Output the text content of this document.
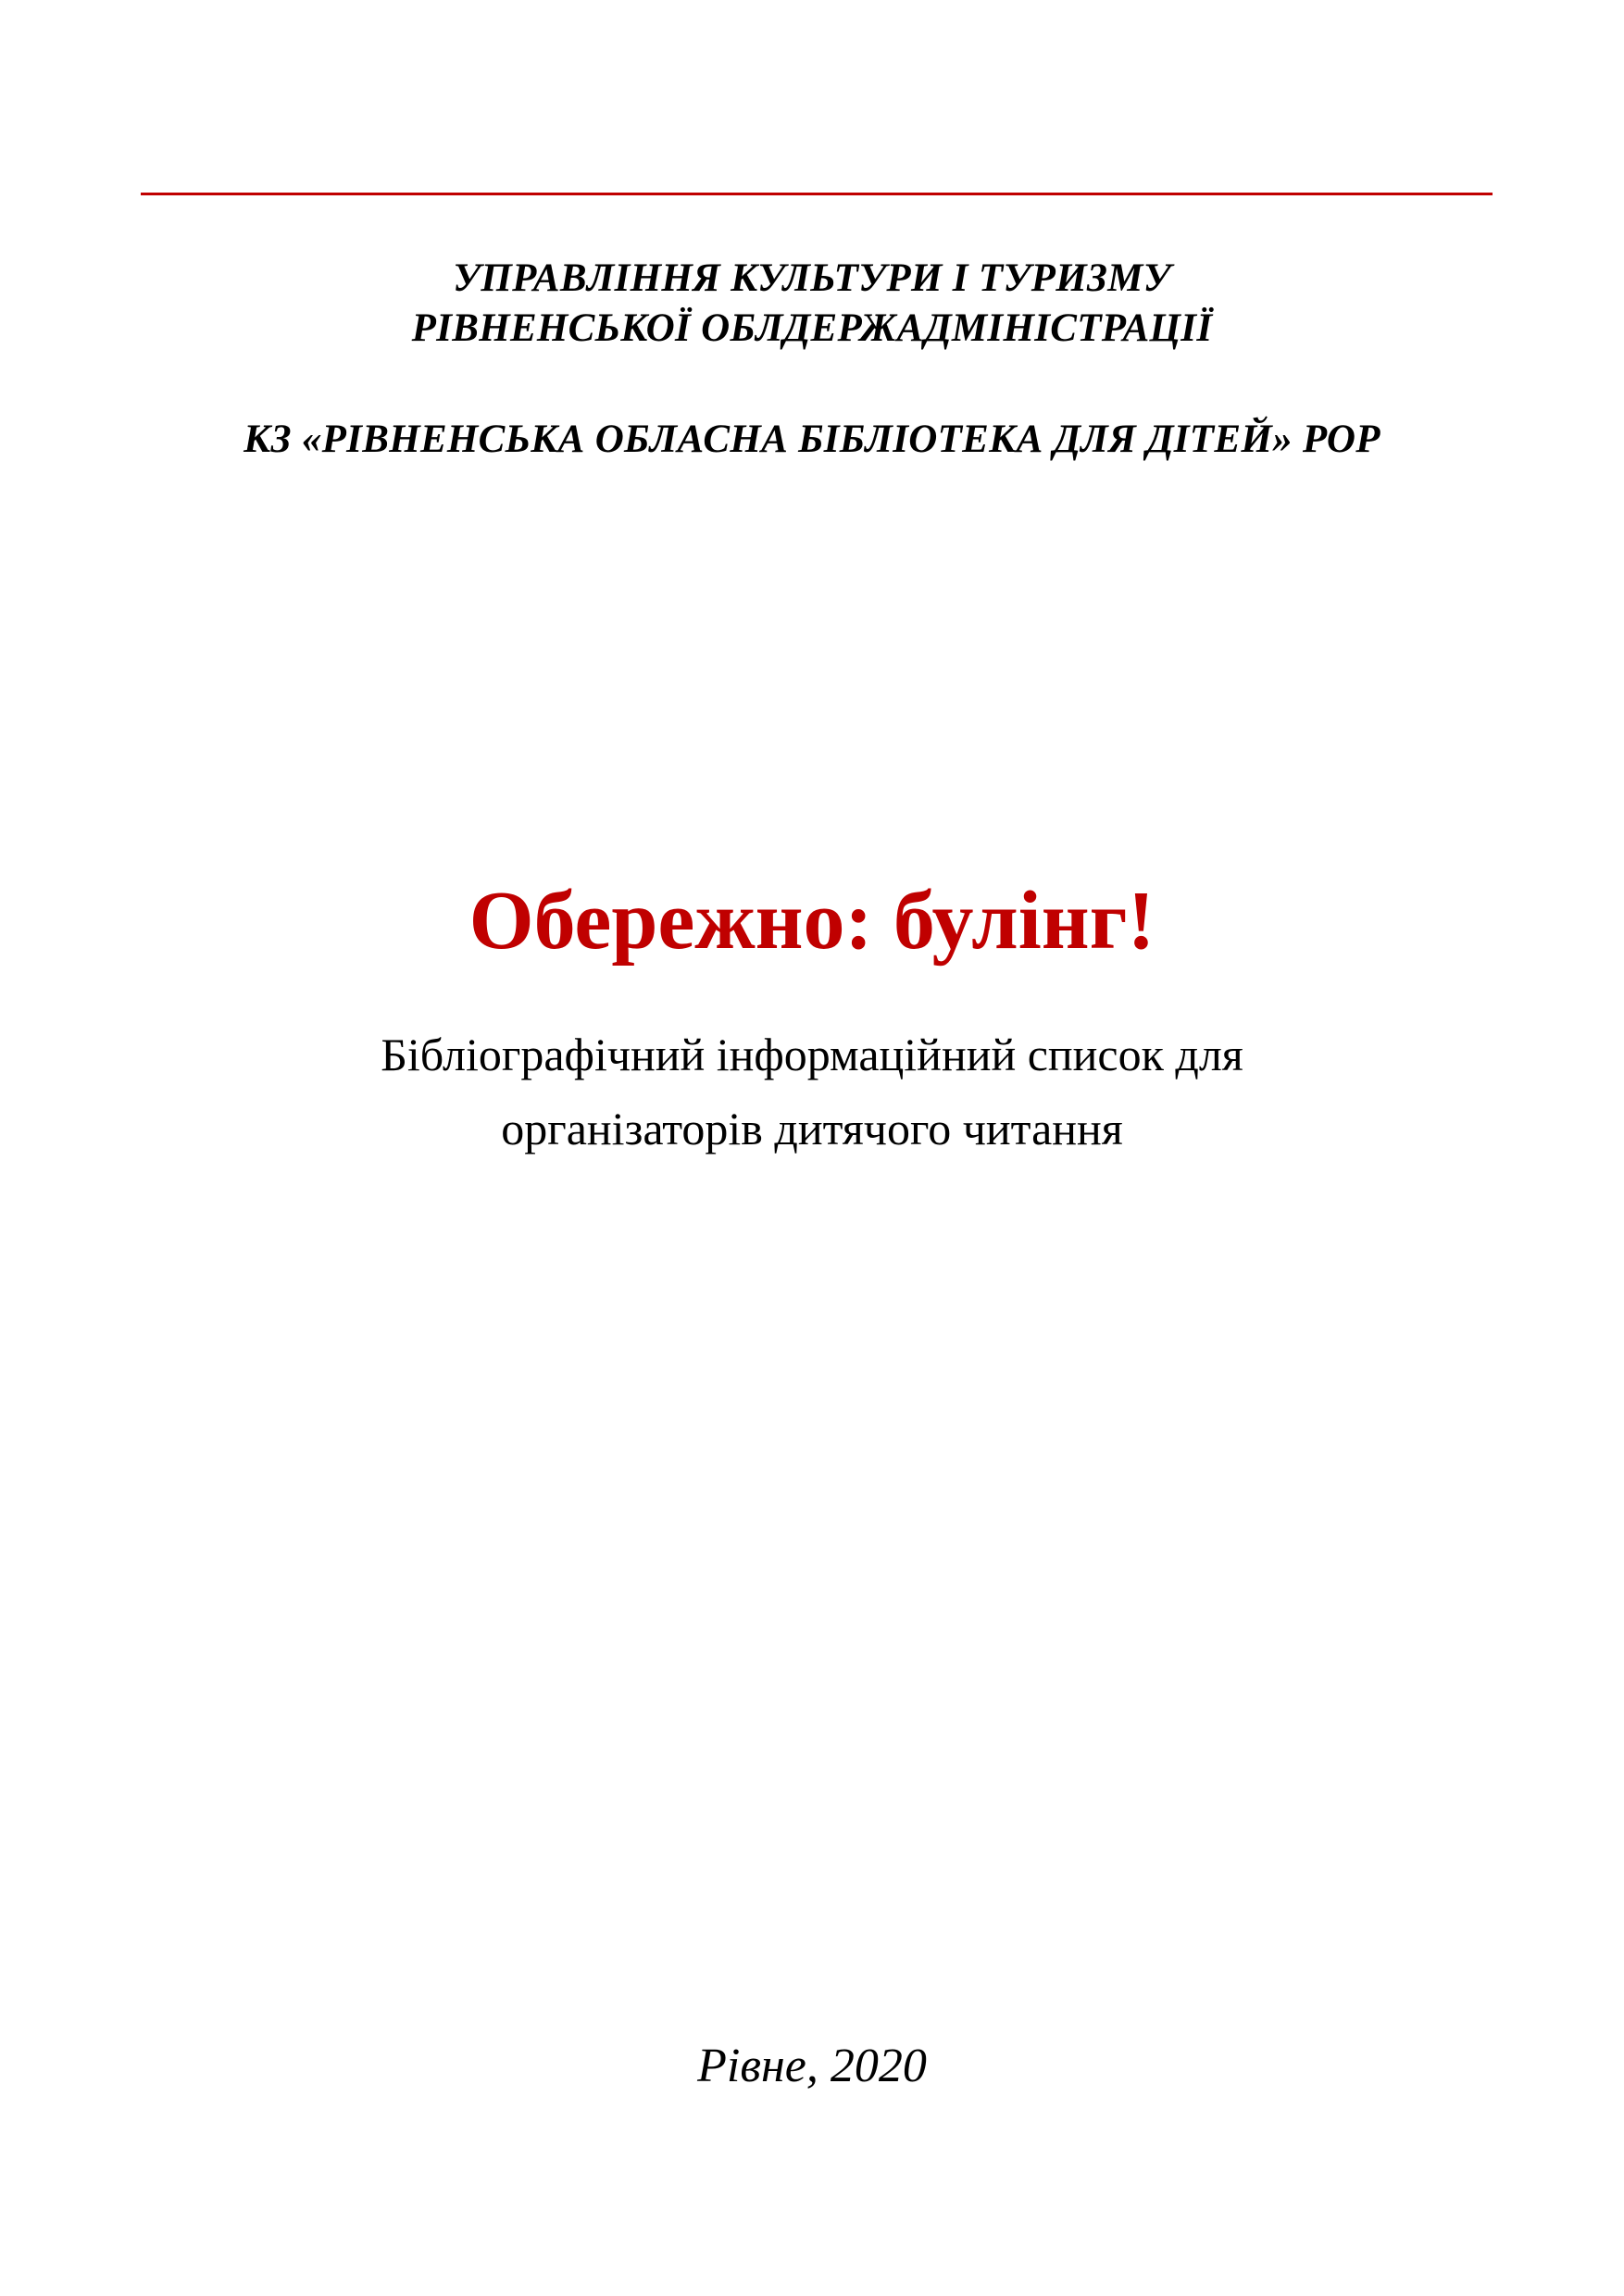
УПРАВЛІННЯ КУЛЬТУРИ І ТУРИЗМУ
РІВНЕНСЬКОЇ ОБЛДЕРЖАДМІНІСТРАЦІЇ
КЗ «РІВНЕНСЬКА ОБЛАСНА БІБЛІОТЕКА ДЛЯ ДІТЕЙ» РОР
Обережно: булінг!
Бібліографічний інформаційний список для
організаторів дитячого читання
Рівне, 2020
